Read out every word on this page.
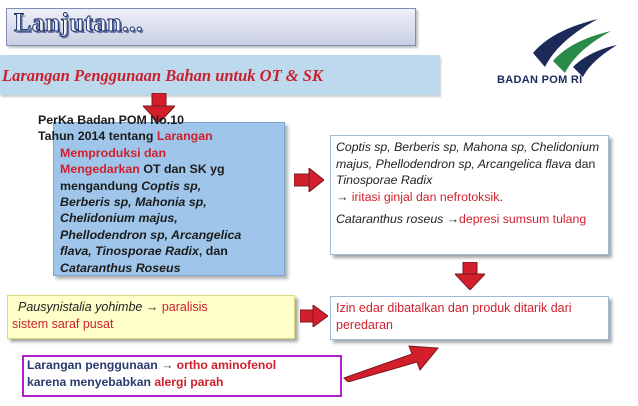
Lanjutan...
BADAN POM RI
Larangan Penggunaan Bahan untuk OT & SK
PerKa Badan POM No.10
Tahun 2014 tentang Larangan
Memproduksi dan
Mengedarkan OT dan SK yg
mengandung Coptis sp,
Berberis sp, Mahonia sp,
Chelidonium majus,
Phellodendron sp, Arcangelica
flava, Tinosporae Radix, dan
Cataranthus Roseus
Coptis sp, Berberis sp, Mahona sp, Chelidonium majus, Phellodendron sp, Arcangelica flava dan Tinosporae Radix
→ iritasi ginjal dan nefrotoksik.
Cataranthus roseus →depresi sumsum tulang
Pausynistalia yohimbe → paralisis
sistem saraf pusat
Izin edar dibatalkan dan produk ditarik dari peredaran
Larangan penggunaan → ortho aminofenol
karena menyebabkan alergi parah
